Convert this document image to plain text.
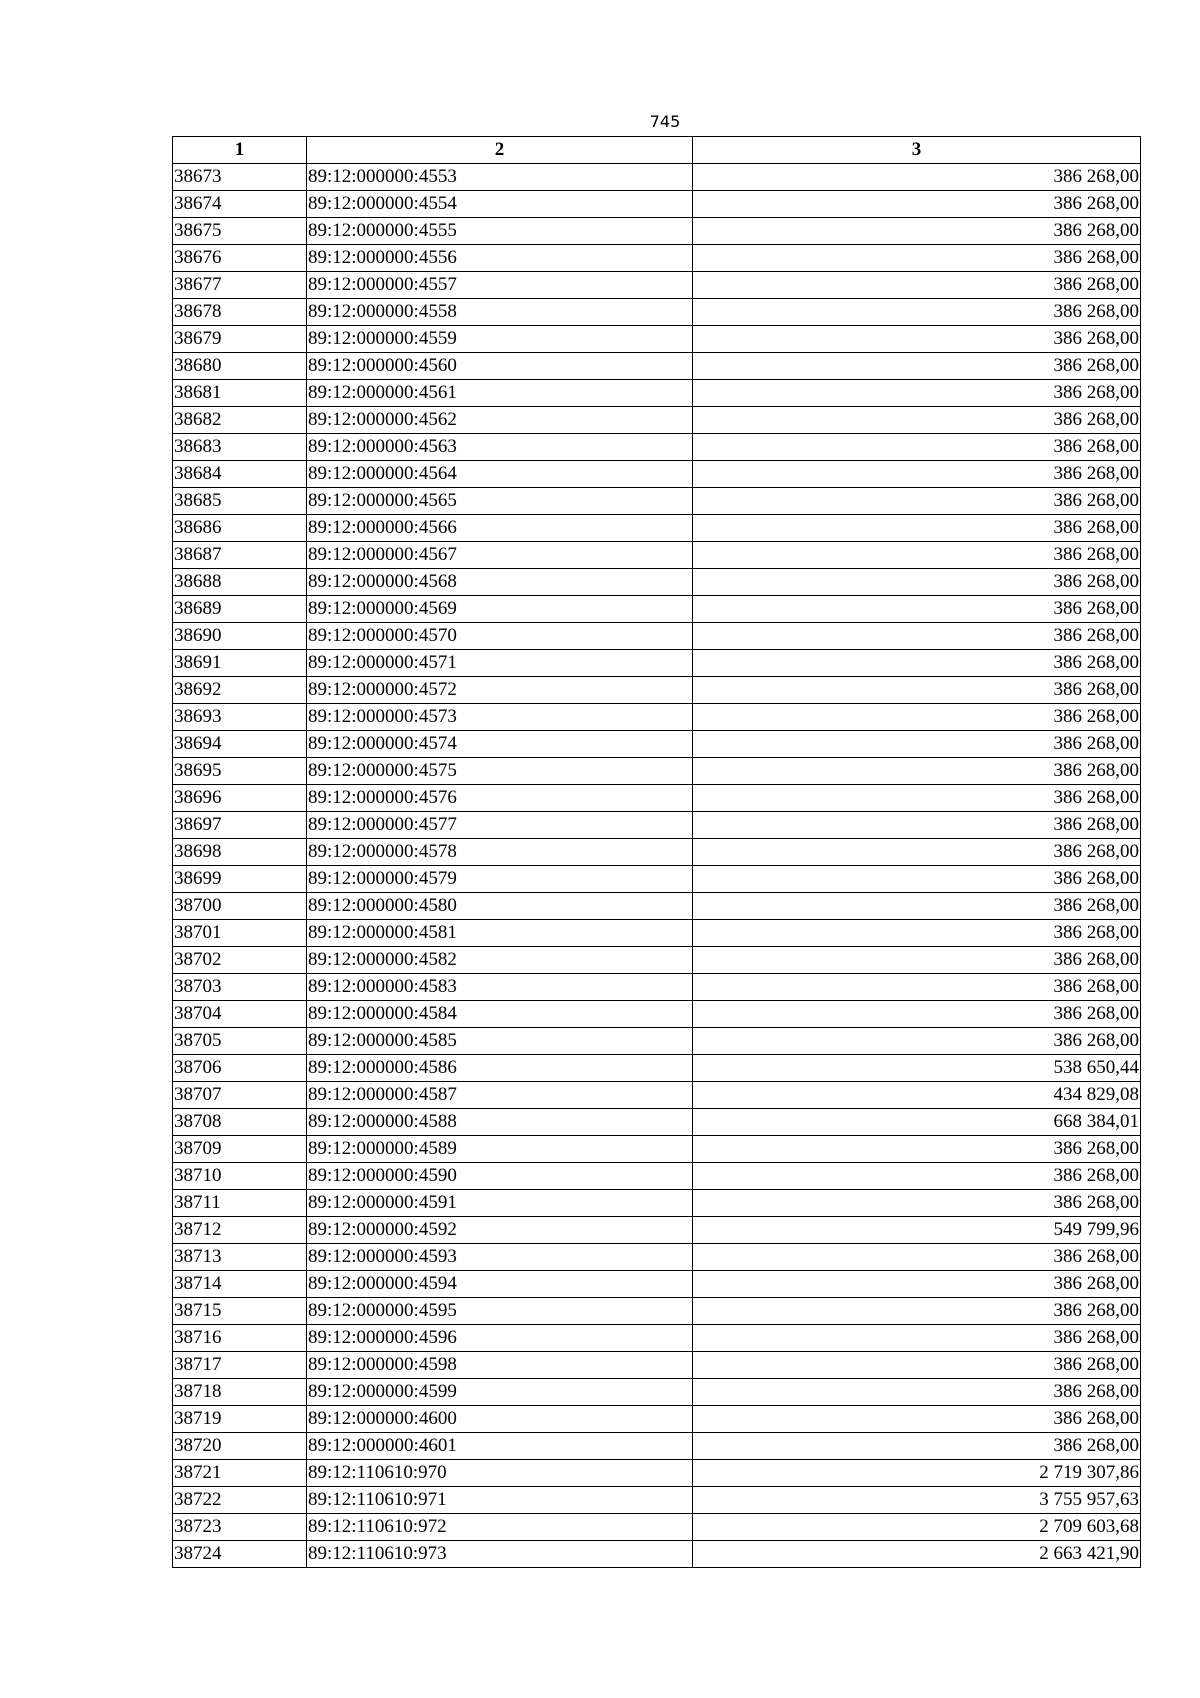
745
1	2	3
38673	89:12:000000:4553	386 268,00
38674	89:12:000000:4554	386 268,00
38675	89:12:000000:4555	386 268,00
38676	89:12:000000:4556	386 268,00
38677	89:12:000000:4557	386 268,00
38678	89:12:000000:4558	386 268,00
38679	89:12:000000:4559	386 268,00
38680	89:12:000000:4560	386 268,00
38681	89:12:000000:4561	386 268,00
38682	89:12:000000:4562	386 268,00
38683	89:12:000000:4563	386 268,00
38684	89:12:000000:4564	386 268,00
38685	89:12:000000:4565	386 268,00
38686	89:12:000000:4566	386 268,00
38687	89:12:000000:4567	386 268,00
38688	89:12:000000:4568	386 268,00
38689	89:12:000000:4569	386 268,00
38690	89:12:000000:4570	386 268,00
38691	89:12:000000:4571	386 268,00
38692	89:12:000000:4572	386 268,00
38693	89:12:000000:4573	386 268,00
38694	89:12:000000:4574	386 268,00
38695	89:12:000000:4575	386 268,00
38696	89:12:000000:4576	386 268,00
38697	89:12:000000:4577	386 268,00
38698	89:12:000000:4578	386 268,00
38699	89:12:000000:4579	386 268,00
38700	89:12:000000:4580	386 268,00
38701	89:12:000000:4581	386 268,00
38702	89:12:000000:4582	386 268,00
38703	89:12:000000:4583	386 268,00
38704	89:12:000000:4584	386 268,00
38705	89:12:000000:4585	386 268,00
38706	89:12:000000:4586	538 650,44
38707	89:12:000000:4587	434 829,08
38708	89:12:000000:4588	668 384,01
38709	89:12:000000:4589	386 268,00
38710	89:12:000000:4590	386 268,00
38711	89:12:000000:4591	386 268,00
38712	89:12:000000:4592	549 799,96
38713	89:12:000000:4593	386 268,00
38714	89:12:000000:4594	386 268,00
38715	89:12:000000:4595	386 268,00
38716	89:12:000000:4596	386 268,00
38717	89:12:000000:4598	386 268,00
38718	89:12:000000:4599	386 268,00
38719	89:12:000000:4600	386 268,00
38720	89:12:000000:4601	386 268,00
38721	89:12:110610:970	2 719 307,86
38722	89:12:110610:971	3 755 957,63
38723	89:12:110610:972	2 709 603,68
38724	89:12:110610:973	2 663 421,90
